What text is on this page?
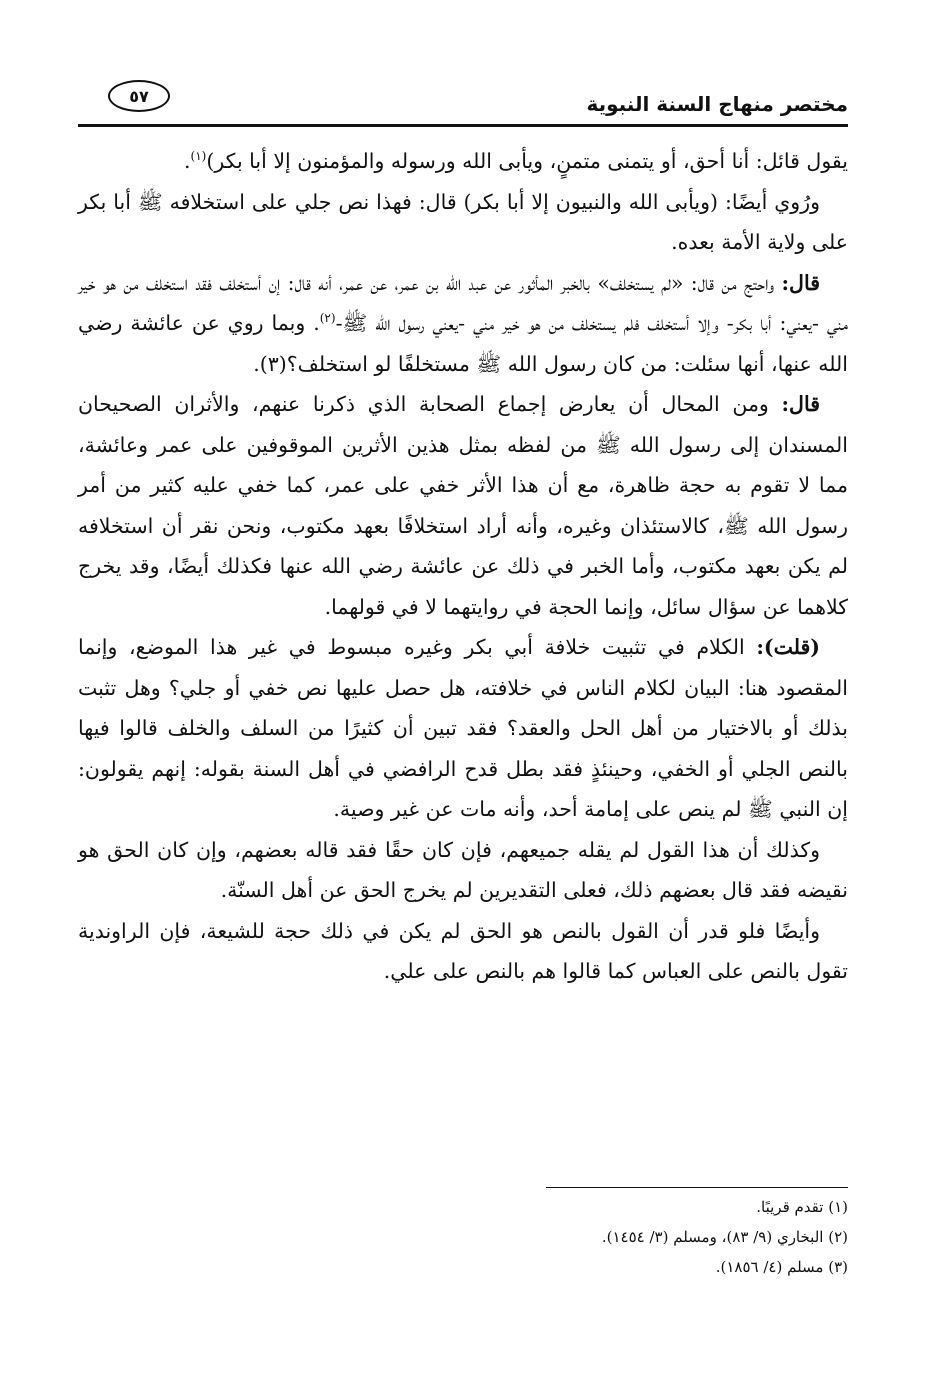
مختصر منهاج السنة النبوية
٥٧

يقول قائل: أنا أحق، أو يتمنى متمنٍ، ويأبى الله ورسوله والمؤمنون إلا أبا بكر)$^{(١)}$.

ورُوي أيضًا: (ويأبى الله والنبيون إلا أبا بكر) قال: فهذا نص جلي على استخلافه ﷺ أبا بكر على ولاية الأمة بعده.

قال: واحتج من قال: «لم يستخلف» بالخبر المأثور عن عبد الله بن عمر، عن عمر، أنه قال: إن أستخلف فقد استخلف من هو خير مني -يعني: أبا بكر- وإلا أستخلف فلم يستخلف من هو خير مني -يعني رسول الله ﷺ-$^{(٢)}$. وبما روي عن عائشة رضي الله عنها، أنها سئلت: من كان رسول الله ﷺ مستخلفًا لو استخلف؟(٣).

قال: ومن المحال أن يعارض إجماع الصحابة الذي ذكرنا عنهم، والأثران الصحيحان المسندان إلى رسول الله ﷺ من لفظه بمثل هذين الأثرين الموقوفين على عمر وعائشة، مما لا تقوم به حجة ظاهرة، مع أن هذا الأثر خفي على عمر، كما خفي عليه كثير من أمر رسول الله ﷺ، كالاستئذان وغيره، وأنه أراد استخلافًا بعهد مكتوب، ونحن نقر أن استخلافه لم يكن بعهد مكتوب، وأما الخبر في ذلك عن عائشة رضي الله عنها فكذلك أيضًا، وقد يخرج كلاهما عن سؤال سائل، وإنما الحجة في روايتهما لا في قولهما.

(قلت): الكلام في تثبيت خلافة أبي بكر وغيره مبسوط في غير هذا الموضع، وإنما المقصود هنا: البيان لكلام الناس في خلافته، هل حصل عليها نص خفي أو جلي؟ وهل تثبت بذلك أو بالاختيار من أهل الحل والعقد؟ فقد تبين أن كثيرًا من السلف والخلف قالوا فيها بالنص الجلي أو الخفي، وحينئذٍ فقد بطل قدح الرافضي في أهل السنة بقوله: إنهم يقولون: إن النبي ﷺ لم ينص على إمامة أحد، وأنه مات عن غير وصية.

وكذلك أن هذا القول لم يقله جميعهم، فإن كان حقًا فقد قاله بعضهم، وإن كان الحق هو نقيضه فقد قال بعضهم ذلك، فعلى التقديرين لم يخرج الحق عن أهل السنّة.

وأيضًا فلو قدر أن القول بالنص هو الحق لم يكن في ذلك حجة للشيعة، فإن الراوندية تقول بالنص على العباس كما قالوا هم بالنص على علي.

(١) تقدم قريبًا.

(٢) البخاري (٩/ ٨٣)، ومسلم (٣/ ١٤٥٤).

(٣) مسلم (٤/ ١٨٥٦).
